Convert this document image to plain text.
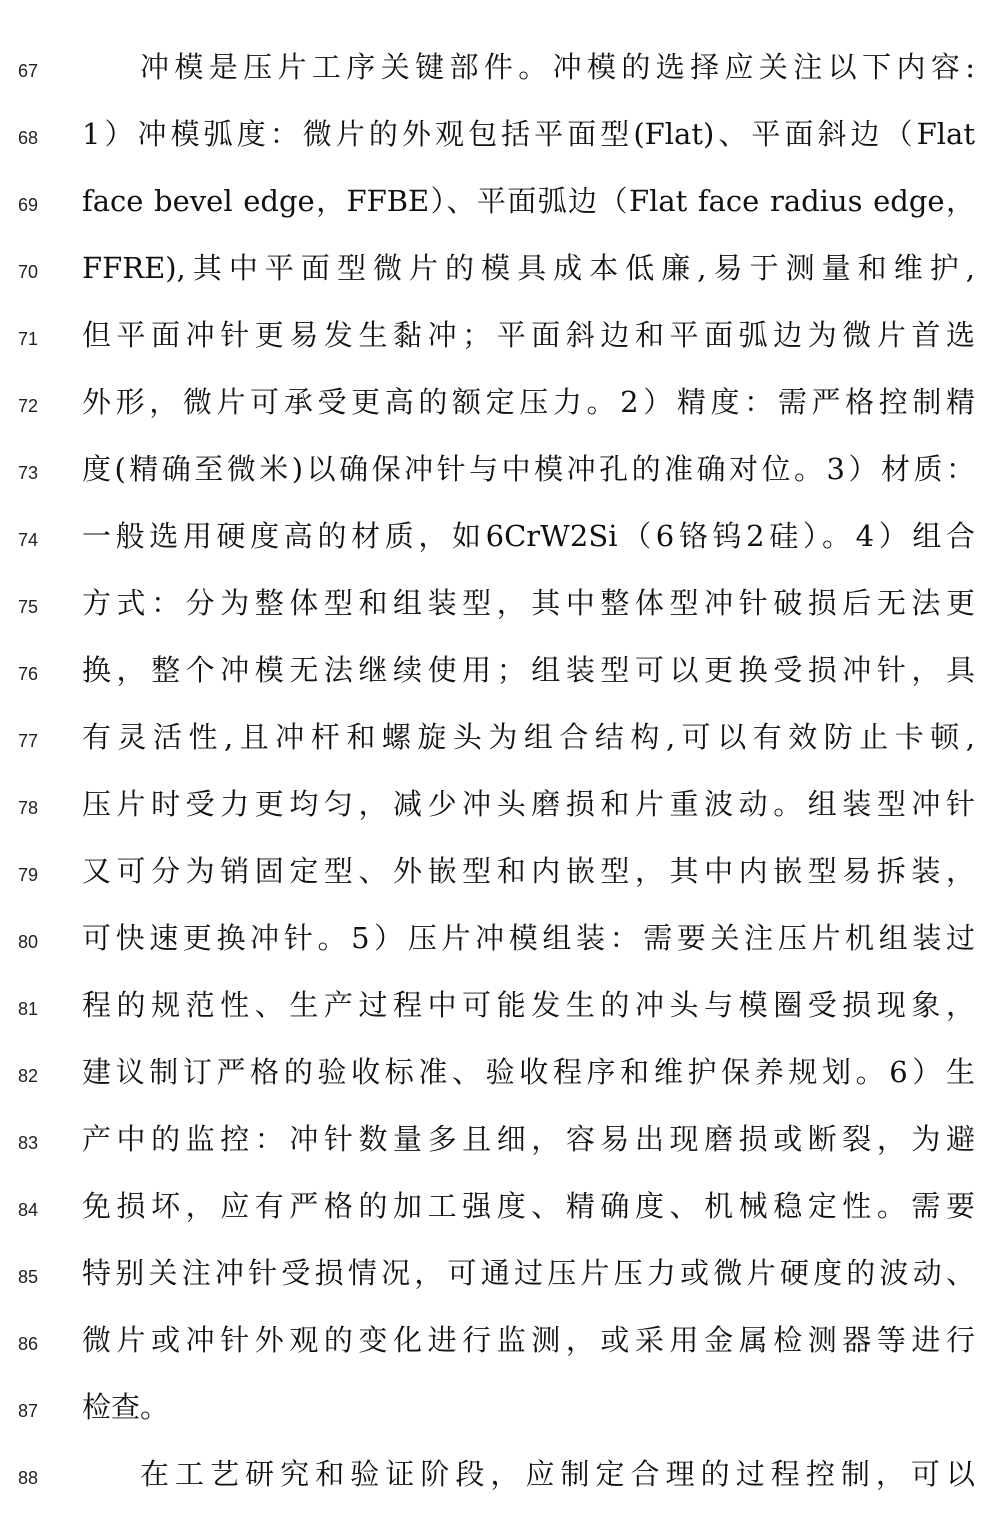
67	冲模是压片工序关键部件。冲模的选择应关注以下内容:
68	1）冲模弧度：微片的外观包括平面型(Flat)、平面斜边（Flat
69	face bevel edge，FFBE）、平面弧边（Flat face radius edge，
70	FFRE),其中平面型微片的模具成本低廉,易于测量和维护,
71	但平面冲针更易发生黏冲；平面斜边和平面弧边为微片首选
72	外形，微片可承受更高的额定压力。2）精度：需严格控制精
73	度(精确至微米)以确保冲针与中模冲孔的准确对位。3）材质：
74	一般选用硬度高的材质，如6CrW2Si（6铬钨2硅）。4）组合
75	方式：分为整体型和组装型，其中整体型冲针破损后无法更
76	换，整个冲模无法继续使用；组装型可以更换受损冲针，具
77	有灵活性,且冲杆和螺旋头为组合结构,可以有效防止卡顿,
78	压片时受力更均匀，减少冲头磨损和片重波动。组装型冲针
79	又可分为销固定型、外嵌型和内嵌型，其中内嵌型易拆装，
80	可快速更换冲针。5）压片冲模组装：需要关注压片机组装过
81	程的规范性、生产过程中可能发生的冲头与模圈受损现象，
82	建议制订严格的验收标准、验收程序和维护保养规划。6）生
83	产中的监控：冲针数量多且细，容易出现磨损或断裂，为避
84	免损坏，应有严格的加工强度、精确度、机械稳定性。需要
85	特别关注冲针受损情况，可通过压片压力或微片硬度的波动、
86	微片或冲针外观的变化进行监测，或采用金属检测器等进行
87	检查。
88	在工艺研究和验证阶段，应制定合理的过程控制，可以
